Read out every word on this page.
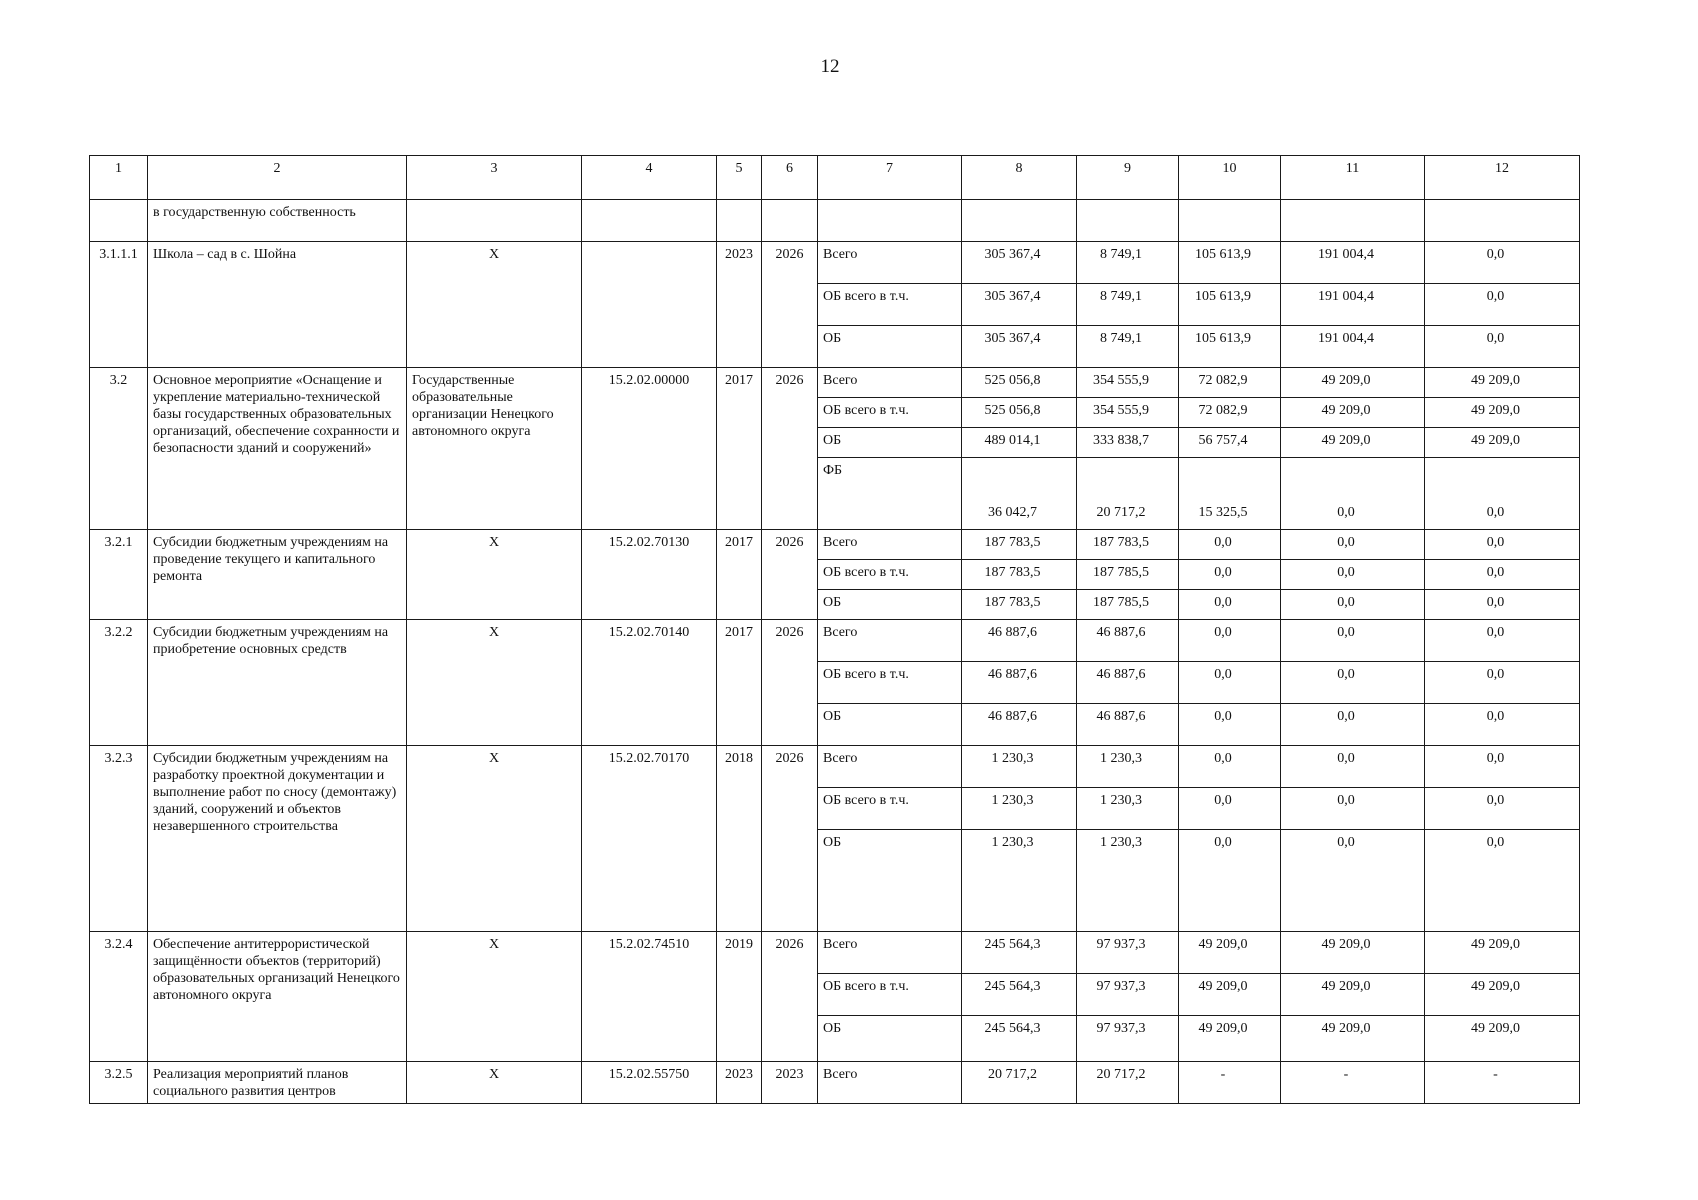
12
1	2	3	4	5	6	7	8	9	10	11	12
	в государственную собственность										
3.1.1.1	Школа – сад в с. Шойна	Х		2023	2026	Всего	305 367,4	8 749,1	105 613,9	191 004,4	0,0
						ОБ всего в т.ч.	305 367,4	8 749,1	105 613,9	191 004,4	0,0
						ОБ	305 367,4	8 749,1	105 613,9	191 004,4	0,0
3.2	Основное мероприятие «Оснащение и укрепление материально-технической базы государственных образовательных организаций, обеспечение сохранности и безопасности зданий и сооружений»	Государственные образовательные организации Ненецкого автономного округа	15.2.02.00000	2017	2026	Всего	525 056,8	354 555,9	72 082,9	49 209,0	49 209,0
						ОБ всего в т.ч.	525 056,8	354 555,9	72 082,9	49 209,0	49 209,0
						ОБ	489 014,1	333 838,7	56 757,4	49 209,0	49 209,0
						ФБ	36 042,7	20 717,2	15 325,5	0,0	0,0
3.2.1	Субсидии бюджетным учреждениям на проведение текущего и капитального ремонта	Х	15.2.02.70130	2017	2026	Всего	187 783,5	187 783,5	0,0	0,0	0,0
						ОБ всего в т.ч.	187 783,5	187 785,5	0,0	0,0	0,0
						ОБ	187 783,5	187 785,5	0,0	0,0	0,0
3.2.2	Субсидии бюджетным учреждениям на приобретение основных средств	Х	15.2.02.70140	2017	2026	Всего	46 887,6	46 887,6	0,0	0,0	0,0
						ОБ всего в т.ч.	46 887,6	46 887,6	0,0	0,0	0,0
						ОБ	46 887,6	46 887,6	0,0	0,0	0,0
3.2.3	Субсидии бюджетным учреждениям на разработку проектной документации и выполнение работ по сносу (демонтажу) зданий, сооружений и объектов незавершенного строительства	Х	15.2.02.70170	2018	2026	Всего	1 230,3	1 230,3	0,0	0,0	0,0
						ОБ всего в т.ч.	1 230,3	1 230,3	0,0	0,0	0,0
						ОБ	1 230,3	1 230,3	0,0	0,0	0,0
3.2.4	Обеспечение антитеррористической защищённости объектов (территорий) образовательных организаций Ненецкого автономного округа	Х	15.2.02.74510	2019	2026	Всего	245 564,3	97 937,3	49 209,0	49 209,0	49 209,0
						ОБ всего в т.ч.	245 564,3	97 937,3	49 209,0	49 209,0	49 209,0
						ОБ	245 564,3	97 937,3	49 209,0	49 209,0	49 209,0
3.2.5	Реализация мероприятий планов социального развития центров	Х	15.2.02.55750	2023	2023	Всего	20 717,2	20 717,2	-	-	-
